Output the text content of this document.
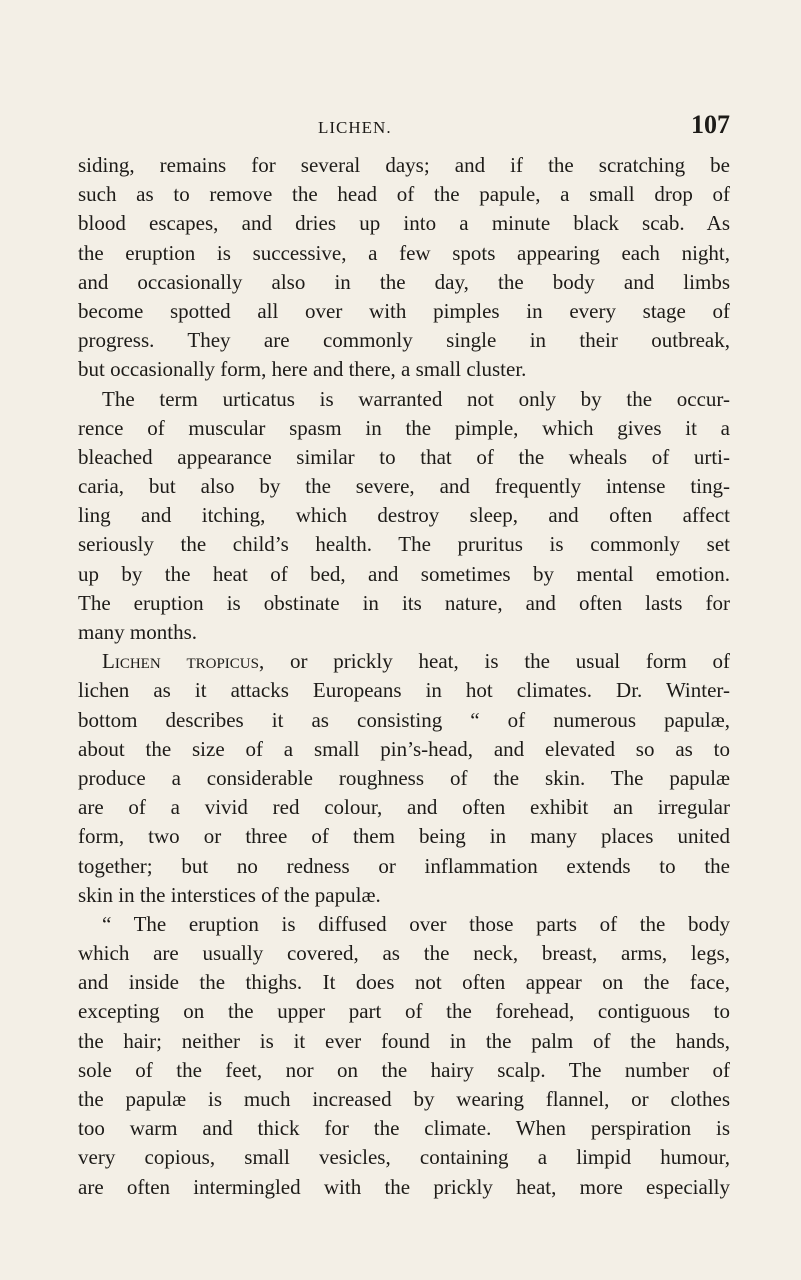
LICHEN.	107
siding, remains for several days; and if the scratching be
such as to remove the head of the papule, a small drop of
blood escapes, and dries up into a minute black scab. As
the eruption is successive, a few spots appearing each night,
and occasionally also in the day, the body and limbs
become spotted all over with pimples in every stage of
progress. They are commonly single in their outbreak,
but occasionally form, here and there, a small cluster.
The term urticatus is warranted not only by the occur-
rence of muscular spasm in the pimple, which gives it a
bleached appearance similar to that of the wheals of urti-
caria, but also by the severe, and frequently intense ting-
ling and itching, which destroy sleep, and often affect
seriously the child’s health. The pruritus is commonly set
up by the heat of bed, and sometimes by mental emotion.
The eruption is obstinate in its nature, and often lasts for
many months.
Lichen tropicus, or prickly heat, is the usual form of
lichen as it attacks Europeans in hot climates. Dr. Winter-
bottom describes it as consisting “ of numerous papulæ,
about the size of a small pin’s-head, and elevated so as to
produce a considerable roughness of the skin. The papulæ
are of a vivid red colour, and often exhibit an irregular
form, two or three of them being in many places united
together; but no redness or inflammation extends to the
skin in the interstices of the papulæ.
“ The eruption is diffused over those parts of the body
which are usually covered, as the neck, breast, arms, legs,
and inside the thighs. It does not often appear on the face,
excepting on the upper part of the forehead, contiguous to
the hair; neither is it ever found in the palm of the hands,
sole of the feet, nor on the hairy scalp. The number of
the papulæ is much increased by wearing flannel, or clothes
too warm and thick for the climate. When perspiration is
very copious, small vesicles, containing a limpid humour,
are often intermingled with the prickly heat, more especially
